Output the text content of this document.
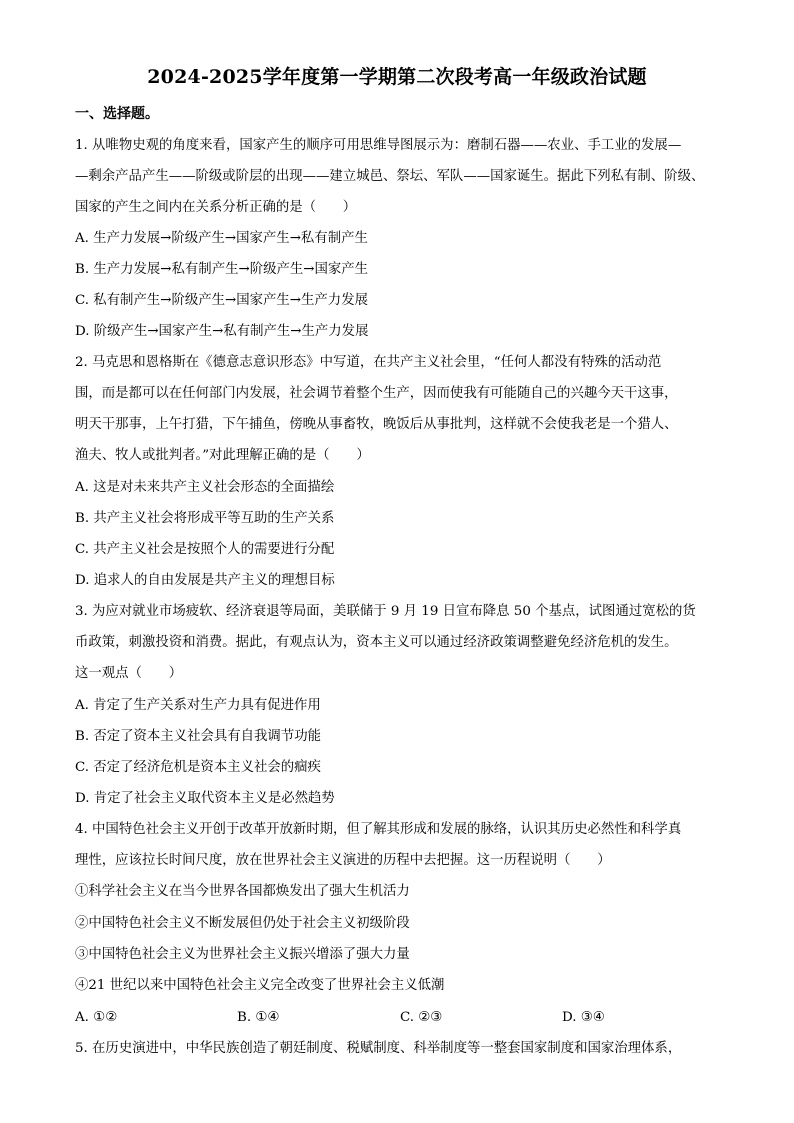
2024-2025学年度第一学期第二次段考高一年级政治试题
一、选择题。
1. 从唯物史观的角度来看，国家产生的顺序可用思维导图展示为：磨制石器——农业、手工业的发展—
—剩余产品产生——阶级或阶层的出现——建立城邑、祭坛、军队——国家诞生。据此下列私有制、阶级、
国家的产生之间内在关系分析正确的是（　　）
A. 生产力发展→阶级产生→国家产生→私有制产生
B. 生产力发展→私有制产生→阶级产生→国家产生
C. 私有制产生→阶级产生→国家产生→生产力发展
D. 阶级产生→国家产生→私有制产生→生产力发展
2. 马克思和恩格斯在《德意志意识形态》中写道，在共产主义社会里，“任何人都没有特殊的活动范
围，而是都可以在任何部门内发展，社会调节着整个生产，因而使我有可能随自己的兴趣今天干这事，
明天干那事，上午打猎，下午捕鱼，傍晚从事畜牧，晚饭后从事批判，这样就不会使我老是一个猎人、
渔夫、牧人或批判者。”对此理解正确的是（　　）
A. 这是对未来共产主义社会形态的全面描绘
B. 共产主义社会将形成平等互助的生产关系
C. 共产主义社会是按照个人的需要进行分配
D. 追求人的自由发展是共产主义的理想目标
3. 为应对就业市场疲软、经济衰退等局面，美联储于 9 月 19 日宣布降息 50 个基点，试图通过宽松的货
币政策，刺激投资和消费。据此，有观点认为，资本主义可以通过经济政策调整避免经济危机的发生。
这一观点（　　）
A. 肯定了生产关系对生产力具有促进作用
B. 否定了资本主义社会具有自我调节功能
C. 否定了经济危机是资本主义社会的痼疾
D. 肯定了社会主义取代资本主义是必然趋势
4. 中国特色社会主义开创于改革开放新时期，但了解其形成和发展的脉络，认识其历史必然性和科学真
理性，应该拉长时间尺度，放在世界社会主义演进的历程中去把握。这一历程说明（　　）
①科学社会主义在当今世界各国都焕发出了强大生机活力
②中国特色社会主义不断发展但仍处于社会主义初级阶段
③中国特色社会主义为世界社会主义振兴增添了强大力量
④21 世纪以来中国特色社会主义完全改变了世界社会主义低潮
A. ①②	B. ①④	C. ②③	D. ③④
5. 在历史演进中，中华民族创造了朝廷制度、税赋制度、科举制度等一整套国家制度和国家治理体系，
